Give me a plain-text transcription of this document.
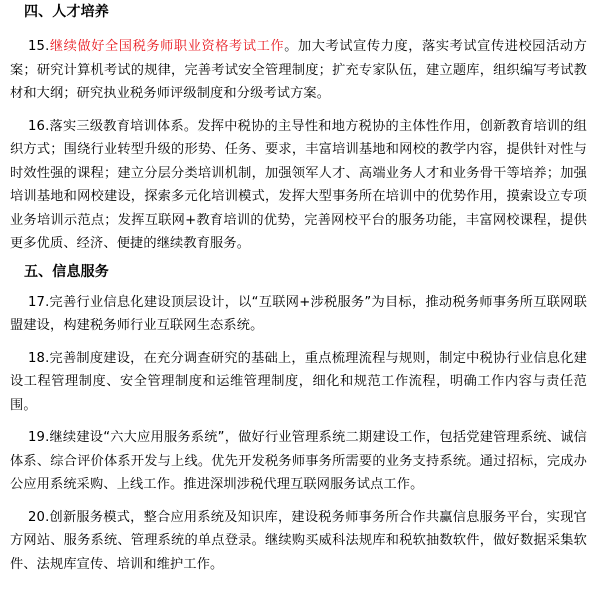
四、人才培养

15.继续做好全国税务师职业资格考试工作。加大考试宣传力度，落实考试宣传进校园活动方案；研究计算机考试的规律，完善考试安全管理制度；扩充专家队伍，建立题库，组织编写考试教材和大纲；研究执业税务师评级制度和分级考试方案。

16.落实三级教育培训体系。发挥中税协的主导性和地方税协的主体性作用，创新教育培训的组织方式；围绕行业转型升级的形势、任务、要求，丰富培训基地和网校的教学内容，提供针对性与时效性强的课程；建立分层分类培训机制，加强领军人才、高端业务人才和业务骨干等培养；加强培训基地和网校建设，探索多元化培训模式，发挥大型事务所在培训中的优势作用，摸索设立专项业务培训示范点；发挥互联网+教育培训的优势，完善网校平台的服务功能，丰富网校课程，提供更多优质、经济、便捷的继续教育服务。

五、信息服务

17.完善行业信息化建设顶层设计，以“互联网+涉税服务”为目标，推动税务师事务所互联网联盟建设，构建税务师行业互联网生态系统。

18.完善制度建设，在充分调查研究的基础上，重点梳理流程与规则，制定中税协行业信息化建设工程管理制度、安全管理制度和运维管理制度，细化和规范工作流程，明确工作内容与责任范围。

19.继续建设“六大应用服务系统”，做好行业管理系统二期建设工作，包括党建管理系统、诚信体系、综合评价体系开发与上线。优先开发税务师事务所需要的业务支持系统。通过招标，完成办公应用系统采购、上线工作。推进深圳涉税代理互联网服务试点工作。

20.创新服务模式，整合应用系统及知识库，建设税务师事务所合作共赢信息服务平台，实现官方网站、服务系统、管理系统的单点登录。继续购买威科法规库和税软抽数软件，做好数据采集软件、法规库宣传、培训和维护工作。
